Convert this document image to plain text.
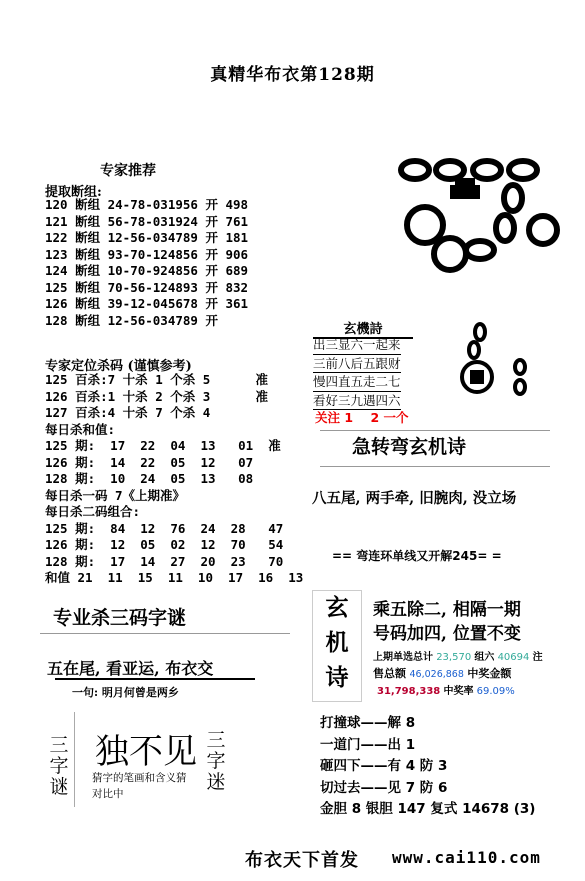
真精华布衣第128期
专家推荐
提取断组:
120 断组 24-78-031956 开 498
121 断组 56-78-031924 开 761
122 断组 12-56-034789 开 181
123 断组 93-70-124856 开 906
124 断组 10-70-924856 开 689
125 断组 70-56-124893 开 832
126 断组 39-12-045678 开 361
128 断组 12-56-034789 开
专家定位杀码 (谨慎参考)
125 百杀:7 十杀 1 个杀 5      准
126 百杀:1 十杀 2 个杀 3      准
127 百杀:4 十杀 7 个杀 4
每日杀和值:
125 期:  17  22  04  13   01  准
126 期:  14  22  05  12   07
128 期:  10  24  05  13   08
每日杀一码 7《上期准》
每日杀二码组合:
125 期:  84  12  76  24  28   47
126 期:  12  05  02  12  70   54
128 期:  17  14  27  20  23   70
和值 21  11  15  11  10  17  16  13
专业杀三码字谜
五在尾, 看亚运, 布衣交
一句: 明月何曾是两乡
三字谜
独不见
猜字的笔画和含义猜
对比中
三字迷
玄機詩
出三显六一起来
三前八后五跟财
慢四直五走二七
看好三九遇四六
关注 1    2 一个
急转弯玄机诗
八五尾, 两手牵, 旧腕肉, 没立场
== 弯连环单线又开解245= =
玄
机
诗
乘五除二, 相隔一期
号码加四, 位置不变
上期单选总计 23,570 组六 40694 注
售总额 46,026,868 中奖金额
31,798,338 中奖率 69.09%
打撞球——解 8
一道门——出 1
砸四下——有 4 防 3
切过去——见 7 防 6
金胆 8 银胆 147 复式 14678 (3)
布衣天下首发 www.cai110.com
